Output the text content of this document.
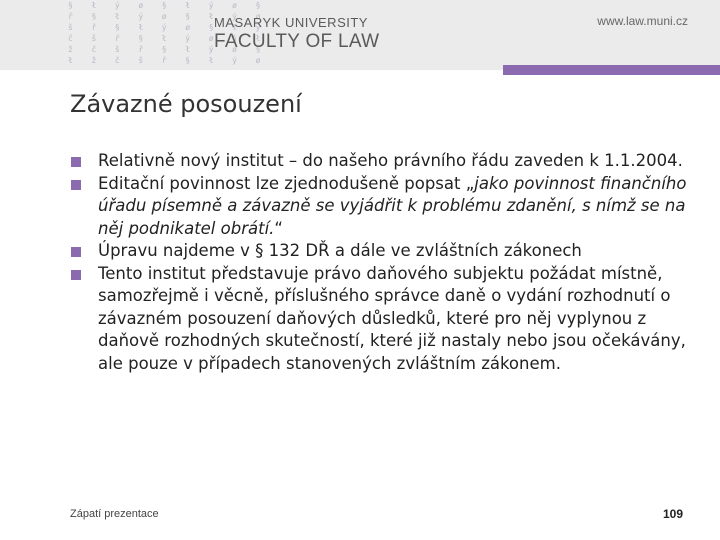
§  ł  ý  ø  §  ł  ý  ø  §
ř  §  ł  ý  ø  §  ł  ý  ø
š  ř  §  ł  ý  ø  §  ł  ý
č  š  ř  §  ł  ý  ø  §  ł
ž  č  š  ř  §  ł  ý  ø  §
ł  ž  č  š  ř  §  ł  ý  ø
MASARYK UNIVERSITY
FACULTY OF LAW
www.law.muni.cz
Závazné posouzení
Relativně nový institut – do našeho právního řádu zaveden k 1.1.2004.
Editační povinnost lze zjednodušeně popsat „jako povinnost finančního úřadu písemně a závazně se vyjádřit k problému zdanění, s nímž se na něj podnikatel obrátí.“
Úpravu najdeme v § 132 DŘ a dále ve zvláštních zákonech
Tento institut představuje právo daňového subjektu požádat místně, samozřejmě i věcně, příslušného správce daně o vydání rozhodnutí o závazném posouzení daňových důsledků, které pro něj vyplynou z daňově rozhodných skutečností, které již nastaly nebo jsou očekávány, ale pouze v případech stanovených zvláštním zákonem.
Zápatí prezentace	109
